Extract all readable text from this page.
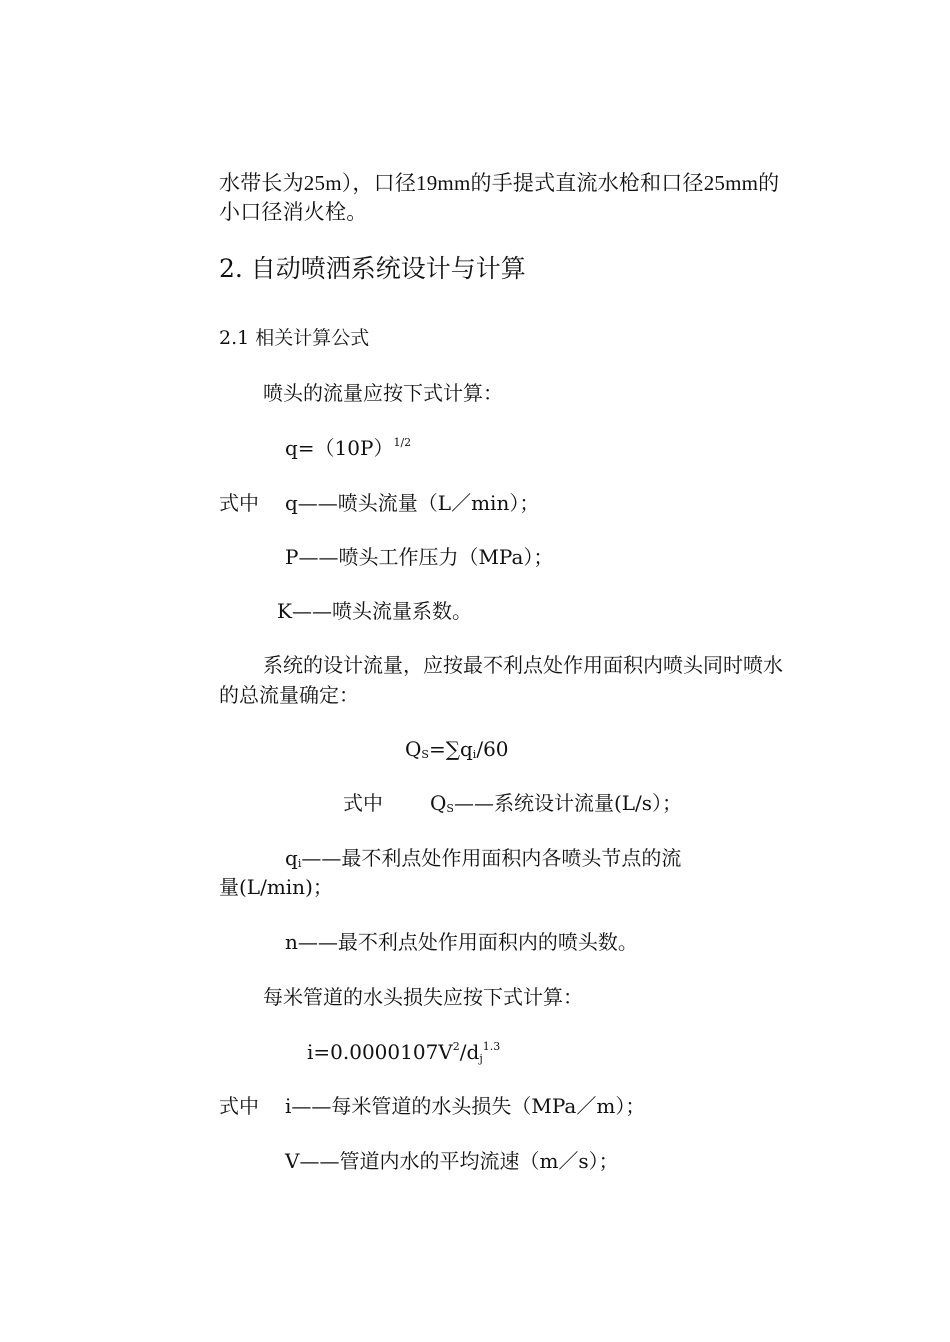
水带长为25m），口径19mm的手提式直流水枪和口径25mm的
小口径消火栓。
2. 自动喷洒系统设计与计算
2.1 相关计算公式
喷头的流量应按下式计算：
$q=(10P)^{1/2}$
式中 q——喷头流量（L／min）；
P——喷头工作压力（MPa）；
K——喷头流量系数。
系统的设计流量，应按最不利点处作用面积内喷头同时喷水
的总流量确定：
QS=∑qi/60
式中 QS——系统设计流量(L/s）；
qi——最不利点处作用面积内各喷头节点的流
量(L/min)；
n——最不利点处作用面积内的喷头数。
每米管道的水头损失应按下式计算：
$i=0.0000107V^2/d_j^{1.3}$
式中 i——每米管道的水头损失（MPa／m）；
V——管道内水的平均流速（m／s）；
